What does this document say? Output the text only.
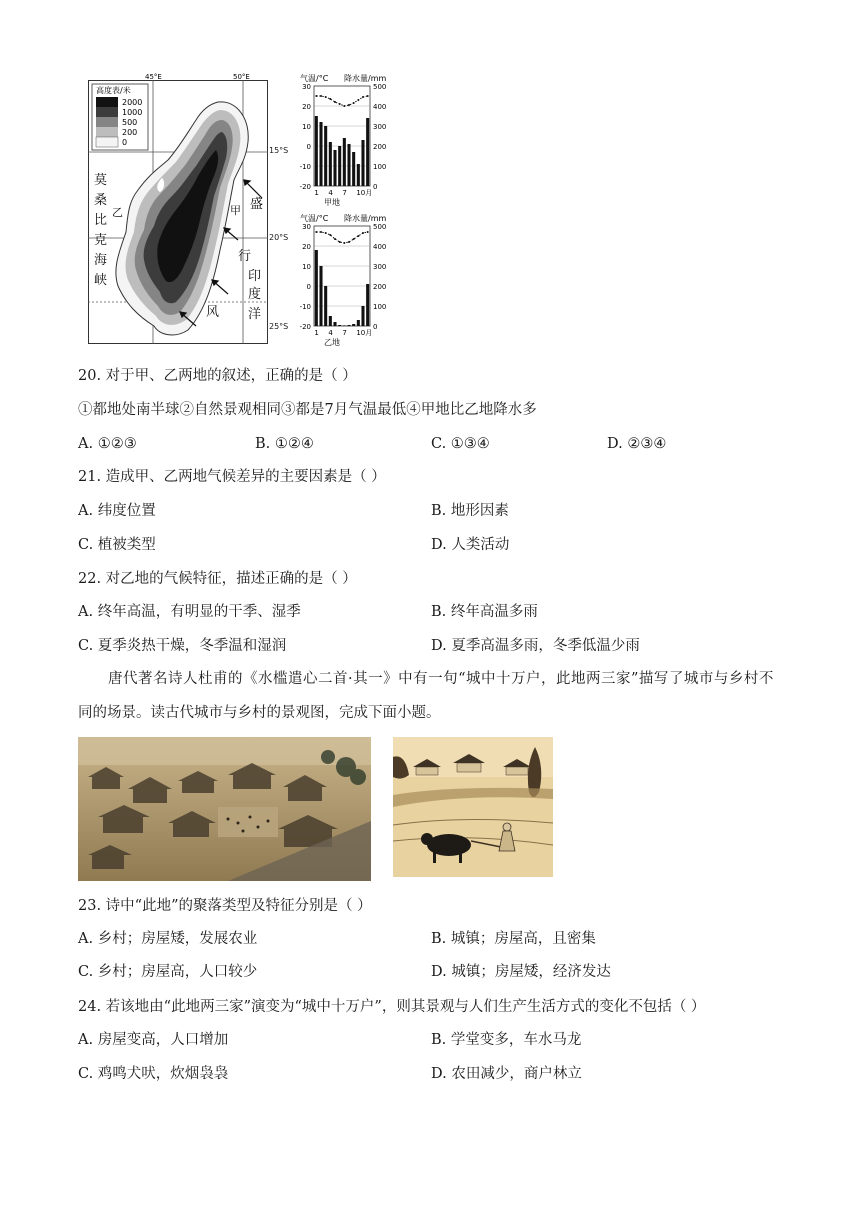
高度表/米
2000
1000
500
200
0
45°E	50°E
莫
桑
比
克
海
峡
乙	甲 盛
行
风
印
度
洋
15°S
20°S
25°S
气温/°C 降水量/mm
30
20
10
0
-10
-20
500
400
300
200
100
0
1 4 7 10月
甲地
气温/°C 降水量/mm
30
20
10
0
-10
-20
500
400
300
200
100
0
1 4 7 10月
乙地
20. 对于甲、乙两地的叙述，正确的是（ ）
①都地处南半球②自然景观相同③都是7月气温最低④甲地比乙地降水多
A. ①②③	B. ①②④	C. ①③④	D. ②③④
21. 造成甲、乙两地气候差异的主要因素是（ ）
A. 纬度位置	B. 地形因素
C. 植被类型	D. 人类活动
22. 对乙地的气候特征，描述正确的是（ ）
A. 终年高温，有明显的干季、湿季	B. 终年高温多雨
C. 夏季炎热干燥，冬季温和湿润	D. 夏季高温多雨，冬季低温少雨
唐代著名诗人杜甫的《水槛遣心二首·其一》中有一句“城中十万户，此地两三家”描写了城市与乡村不
同的场景。读古代城市与乡村的景观图，完成下面小题。
23. 诗中“此地”的聚落类型及特征分别是（ ）
A. 乡村；房屋矮，发展农业	B. 城镇；房屋高，且密集
C. 乡村；房屋高，人口较少	D. 城镇；房屋矮，经济发达
24. 若该地由“此地两三家”演变为“城中十万户”，则其景观与人们生产生活方式的变化不包括（ ）
A. 房屋变高，人口增加	B. 学堂变多，车水马龙
C. 鸡鸣犬吠，炊烟袅袅	D. 农田减少，商户林立
